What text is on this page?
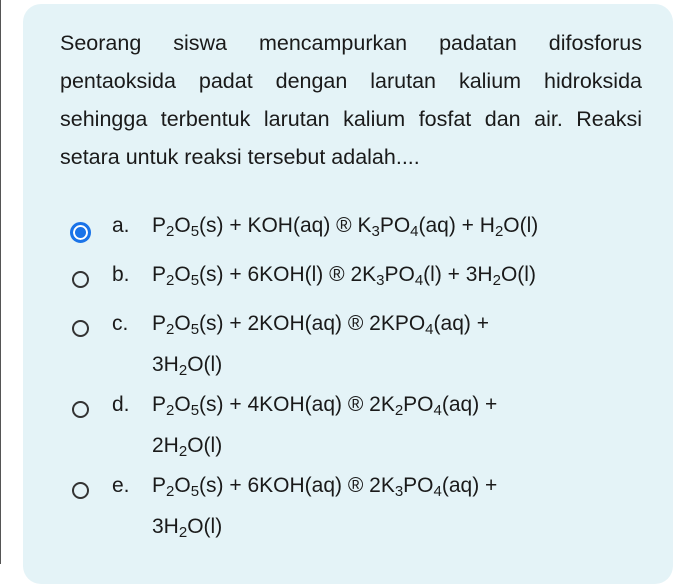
Seorang siswa mencampurkan padatan difosforus pentaoksida padat dengan larutan kalium hidroksida sehingga terbentuk larutan kalium fosfat dan air. Reaksi setara untuk reaksi tersebut adalah....

a. $P_2O_5(s) + KOH(aq)$ ® $K_3PO_4(aq) + H_2O(l)$
b. $P_2O_5(s) + 6KOH(l)$ ® $2K_3PO_4(l) + 3H_2O(l)$
c. $P_2O_5(s) + 2KOH(aq)$ ® $2KPO_4(aq)$ +
$3H_2O(l)$
d. $P_2O_5(s) + 4KOH(aq)$ ® $2K_2PO_4(aq)$ +
$2H_2O(l)$
e. $P_2O_5(s) + 6KOH(aq)$ ® $2K_3PO_4(aq)$ +
$3H_2O(l)$
